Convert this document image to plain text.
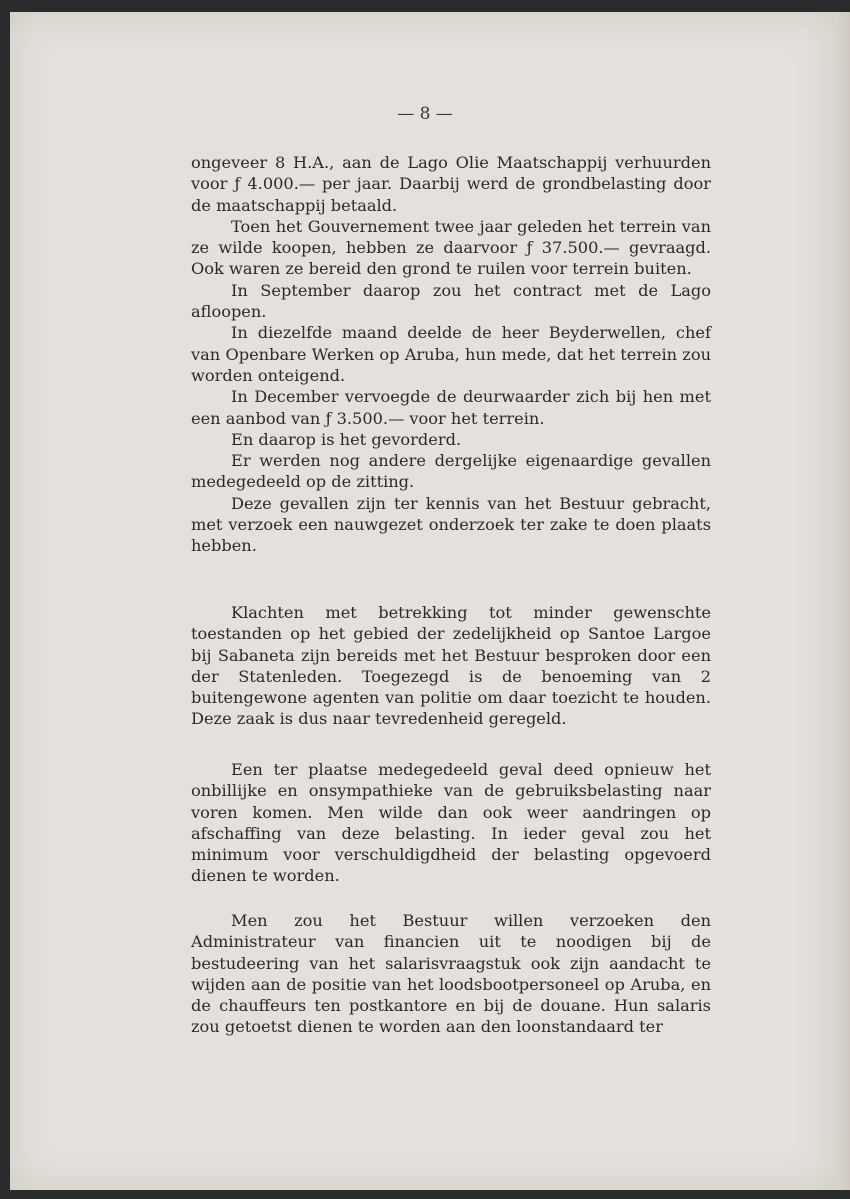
— 8 —

ongeveer 8 H.A., aan de Lago Olie Maatschappij verhuurden voor ƒ 4.000.— per jaar. Daarbij werd de grondbelasting door de maatschappij betaald.

Toen het Gouvernement twee jaar geleden het terrein van ze wilde koopen, hebben ze daarvoor ƒ 37.500.— gevraagd. Ook waren ze bereid den grond te ruilen voor terrein buiten.

In September daarop zou het contract met de Lago afloopen.

In diezelfde maand deelde de heer Beyderwellen, chef van Openbare Werken op Aruba, hun mede, dat het terrein zou worden onteigend.

In December vervoegde de deurwaarder zich bij hen met een aanbod van ƒ 3.500.— voor het terrein.

En daarop is het gevorderd.

Er werden nog andere dergelijke eigenaardige gevallen medegedeeld op de zitting.

Deze gevallen zijn ter kennis van het Bestuur gebracht, met verzoek een nauwgezet onderzoek ter zake te doen plaats hebben.

Klachten met betrekking tot minder gewenschte toestanden op het gebied der zedelijkheid op Santoe Largoe bij Sabaneta zijn bereids met het Bestuur besproken door een der Statenleden. Toegezegd is de benoeming van 2 buitengewone agenten van politie om daar toezicht te houden. Deze zaak is dus naar tevredenheid geregeld.

Een ter plaatse medegedeeld geval deed opnieuw het onbillijke en onsympathieke van de gebruiksbelasting naar voren komen. Men wilde dan ook weer aandringen op afschaffing van deze belasting. In ieder geval zou het minimum voor verschuldigdheid der belasting opgevoerd dienen te worden.

Men zou het Bestuur willen verzoeken den Administrateur van financien uit te noodigen bij de bestudeering van het salarisvraagstuk ook zijn aandacht te wijden aan de positie van het loodsbootpersoneel op Aruba, en de chauffeurs ten postkantore en bij de douane. Hun salaris zou getoetst dienen te worden aan den loonstandaard ter
